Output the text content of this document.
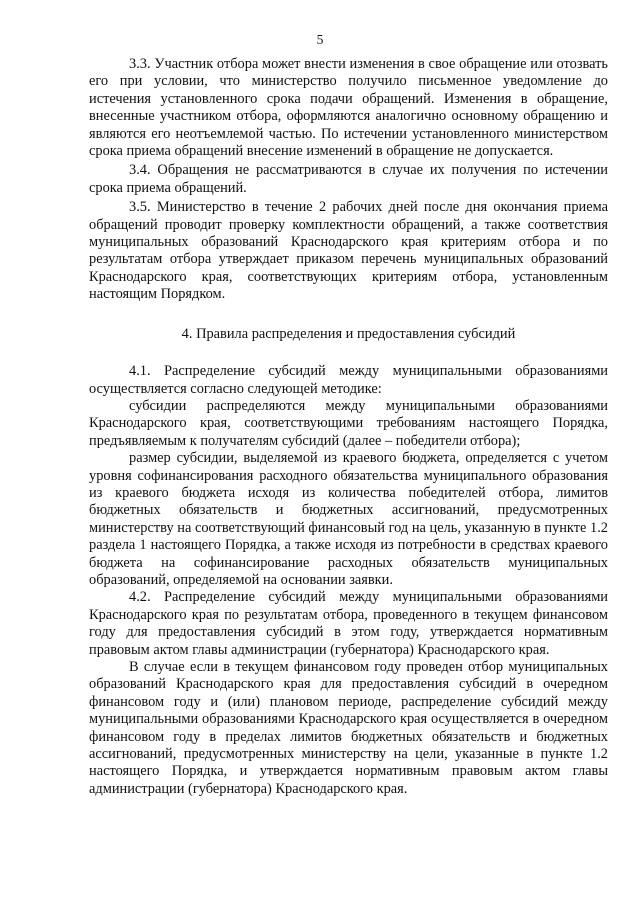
5

3.3. Участник отбора может внести изменения в свое обращение или отозвать его при условии, что министерство получило письменное уведомление до истечения установленного срока подачи обращений. Изменения в обращение, внесенные участником отбора, оформляются аналогично основному обращению и являются его неотъемлемой частью. По истечении установленного министерством срока приема обращений внесение изменений в обращение не допускается.

3.4. Обращения не рассматриваются в случае их получения по истечении срока приема обращений.

3.5. Министерство в течение 2 рабочих дней после дня окончания приема обращений проводит проверку комплектности обращений, а также соответствия муниципальных образований Краснодарского края критериям отбора и по результатам отбора утверждает приказом перечень муниципальных образований Краснодарского края, соответствующих критериям отбора, установленным настоящим Порядком.

4. Правила распределения и предоставления субсидий

4.1. Распределение субсидий между муниципальными образованиями осуществляется согласно следующей методике:

субсидии распределяются между муниципальными образованиями Краснодарского края, соответствующими требованиям настоящего Порядка, предъявляемым к получателям субсидий (далее – победители отбора);

размер субсидии, выделяемой из краевого бюджета, определяется с учетом уровня софинансирования расходного обязательства муниципального образования из краевого бюджета исходя из количества победителей отбора, лимитов бюджетных обязательств и бюджетных ассигнований, предусмотренных министерству на соответствующий финансовый год на цель, указанную в пункте 1.2 раздела 1 настоящего Порядка, а также исходя из потребности в средствах краевого бюджета на софинансирование расходных обязательств муниципальных образований, определяемой на основании заявки.

4.2. Распределение субсидий между муниципальными образованиями Краснодарского края по результатам отбора, проведенного в текущем финансовом году для предоставления субсидий в этом году, утверждается нормативным правовым актом главы администрации (губернатора) Краснодарского края.

В случае если в текущем финансовом году проведен отбор муниципальных образований Краснодарского края для предоставления субсидий в очередном финансовом году и (или) плановом периоде, распределение субсидий между муниципальными образованиями Краснодарского края осуществляется в очередном финансовом году в пределах лимитов бюджетных обязательств и бюджетных ассигнований, предусмотренных министерству на цели, указанные в пункте 1.2 настоящего Порядка, и утверждается нормативным правовым актом главы администрации (губернатора) Краснодарского края.
